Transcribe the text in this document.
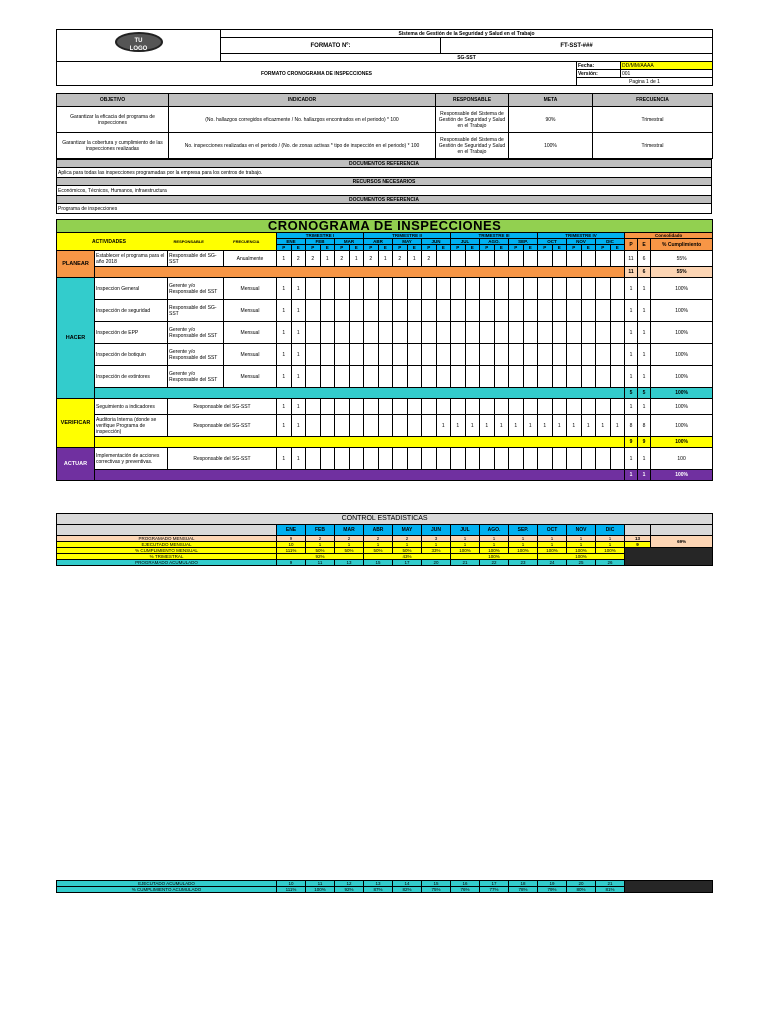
TU
LOGO
AQUÍ	Sistema de Gestión de la Seguridad y Salud en el Trabajo			
	FORMATO Nº:	FT-SST-###		
	SG-SST			
FORMATO CRONOGRAMA DE INSPECCIONES			Fecha:	DD/MM/AAAA
			Versión:	001
			Pagina 1 de 1	
OBJETIVO	INDICADOR	RESPONSABLE	META	FRECUENCIA
Garantizar la eficacia del programa de inspecciones	(No. hallazgos corregidos eficazmente / No. hallazgos encontrados en el periodo) * 100	Responsable del Sistema de Gestión de Seguridad y Salud en el Trabajo	90%	Trimestral
Garantizar la cobertura y cumplimiento de las inspecciones realizadas	No. inspecciones realizadas en el periodo / (No. de zonas activas * tipo de inspección en el periodo) * 100	Responsable del Sistema de Gestión de Seguridad y Salud en el Trabajo	100%	Trimestral
DOCUMENTOS REFERENCIA
Aplica para todas las inspecciones programadas por la empresa para los centros de trabajo.
RECURSOS NECESARIOS
Económicos, Técnicos, Humanos, infraestructura
DOCUMENTOS REFERENCIA
Programa de inspecciones
CRONOGRAMA DE INSPECCIONES

ACTIVIDADES	RESPONSABLE	FRECUENCIA
	TRIMESTRE I	TRIMESTRE II	TRIMESTRE III	TRIMESTRE IV	Consolidado
ENE	FEB	MAR	ABR	MAY	JUN	JUL	AGO.	SEP.	OCT	NOV	DIC	P	E	% Cumplimiento
P	E	P	E	P	E	P	E	P	E	P	E	P	E	P	E	P	E	P	E	P	E	P	E
PLANEAR	Establecer el programa para el año 2018	Responsable del SG-SST	Anualmente	1	2	2	1	2	1	2	1	2	1	2														11	6	55%
	11	6	55%
HACER	Inspeccion General	Gerente y/o Responsable del SST	Mensual	1	1																							1	1	100%
Inspección de seguridad	Responsable del SG-SST	Mensual	1	1																							1	1	100%
Inspección de EPP	Gerente y/o Responsable del SST	Mensual	1	1																							1	1	100%
Inspección de botiquin	Gerente y/o Responsable del SST	Mensual	1	1																							1	1	100%
Inspección de extintores	Gerente y/o Responsable del SST	Mensual	1	1																							1	1	100%
	5	5	100%
VERIFICAR	Seguimiento a indicadores	Responsable del SG-SST	1	1																							1	1	100%
Auditoria Interna (donde se verifique Programa de inspección)	Responsable del SG-SST	1	1										1	1	1	1	1	1	1	1	1	1	1	1	1	8	8	100%
	9	9	100%
ACTUAR	Implementación de acciones correctivas y preventivas.	Responsable del SG-SST	1	1																							1	1	100
	1	1	100%
CONTROL ESTADISTICAS														
	ENE	FEB	MAR	ABR	MAY	JUN	JUL	AGO.	SEP.	OCT	NOV	DIC		
PROGRAMADO MENSUAL	9	2	2	2	2	3	1	1	1	1	1	1	13	69%
EJECUTADO MENSUAL	10	1	1	1	1	1	1	1	1	1	1	1	9	
% CUMPLIMIENTO MENSUAL	111%	50%	50%	50%	50%	33%	100%	100%	100%	100%	100%	100%		
% TRIMESTRAL	92%			43%			100%			100%				
PROGRAMADO ACUMULADO	9	11	13	15	17	20	21	22	23	24	25	26		
EJECUTADO ACUMULADO	10	11	12	13	14	15	16	17	18	19	20	21	
% CUMPLIMIENTO ACUMULADO	111%	100%	92%	87%	82%	75%	76%	77%	78%	79%	80%	81%	
